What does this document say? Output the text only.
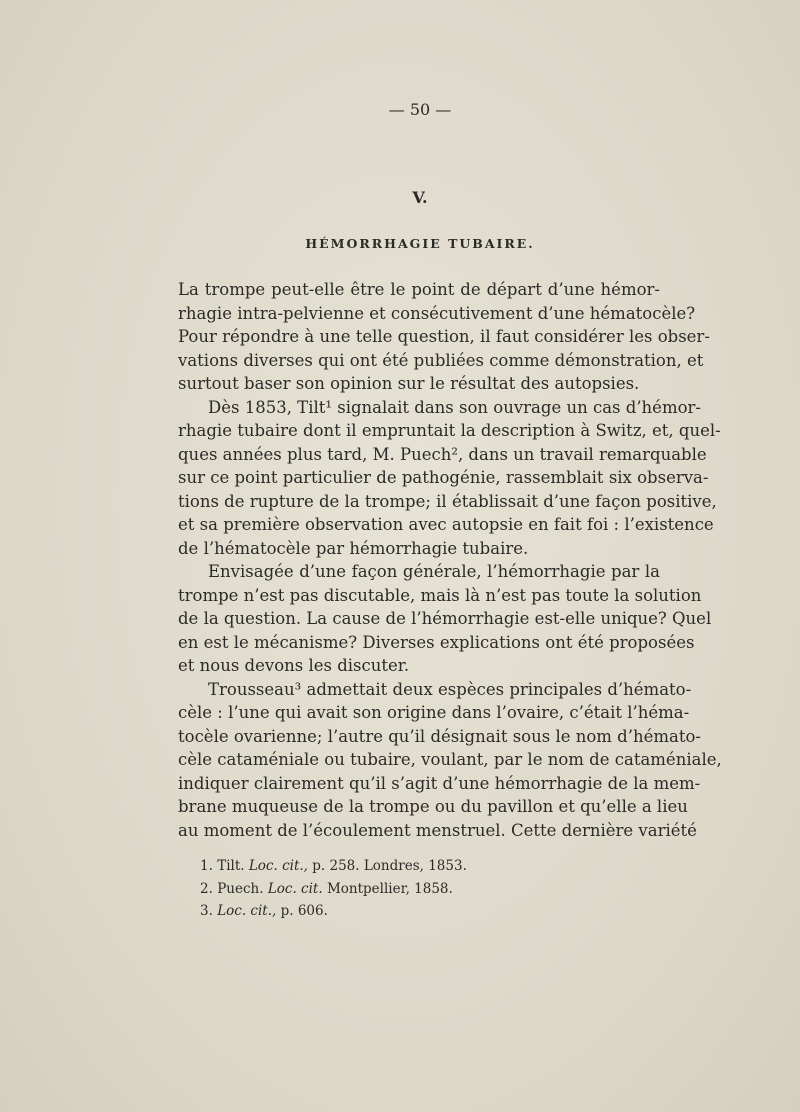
— 50 —
V.
HÉMORRHAGIE TUBAIRE.
La trompe peut-elle être le point de départ d’une hémor-
rhagie intra-pelvienne et consécutivement d’une hématocèle?
Pour répondre à une telle question, il faut considérer les obser-
vations diverses qui ont été publiées comme démonstration, et
surtout baser son opinion sur le résultat des autopsies.
Dès 1853, Tilt¹ signalait dans son ouvrage un cas d’hémor-
rhagie tubaire dont il empruntait la description à Switz, et, quel-
ques années plus tard, M. Puech², dans un travail remarquable
sur ce point particulier de pathogénie, rassemblait six observa-
tions de rupture de la trompe; il établissait d’une façon positive,
et sa première observation avec autopsie en fait foi : l’existence
de l’hématocèle par hémorrhagie tubaire.
Envisagée d’une façon générale, l’hémorrhagie par la
trompe n’est pas discutable, mais là n’est pas toute la solution
de la question. La cause de l’hémorrhagie est-elle unique? Quel
en est le mécanisme? Diverses explications ont été proposées
et nous devons les discuter.
Trousseau³ admettait deux espèces principales d’hémato-
cèle : l’une qui avait son origine dans l’ovaire, c’était l’héma-
tocèle ovarienne; l’autre qu’il désignait sous le nom d’hémato-
cèle cataméniale ou tubaire, voulant, par le nom de cataméniale,
indiquer clairement qu’il s’agit d’une hémorrhagie de la mem-
brane muqueuse de la trompe ou du pavillon et qu’elle a lieu
au moment de l’écoulement menstruel. Cette dernière variété
1. Tilt. Loc. cit., p. 258. Londres, 1853.
2. Puech. Loc. cit. Montpellier, 1858.
3. Loc. cit., p. 606.
